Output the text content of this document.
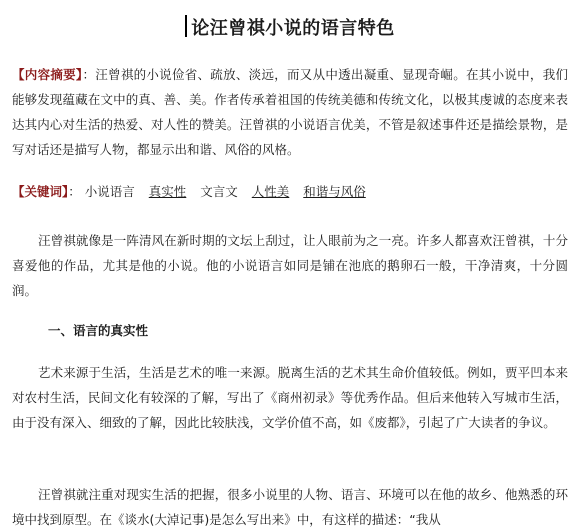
论汪曾祺小说的语言特色

【内容摘要】：汪曾祺的小说俭省、疏放、淡远，而又从中透出凝重、显现奇崛。在其小说中，我们能够发现蕴藏在文中的真、善、美。作者传承着祖国的传统美德和传统文化，以极其虔诚的态度来表达其内心对生活的热爱、对人性的赞美。汪曾祺的小说语言优美，不管是叙述事件还是描绘景物，是写对话还是描写人物，都显示出和谐、风俗的风格。

【关键词】： 小说语言 真实性 文言文 人性美 和谐与风俗

汪曾祺就像是一阵清风在新时期的文坛上刮过，让人眼前为之一亮。许多人都喜欢汪曾祺，十分喜爱他的作品，尤其是他的小说。他的小说语言如同是铺在池底的鹅卵石一般，干净清爽，十分圆润。

一、语言的真实性

艺术来源于生活，生活是艺术的唯一来源。脱离生活的艺术其生命价值较低。例如，贾平凹本来对农村生活，民间文化有较深的了解，写出了《商州初录》等优秀作品。但后来他转入写城市生活，由于没有深入、细致的了解，因此比较肤浅，文学价值不高，如《废都》，引起了广大读者的争议。

汪曾祺就注重对现实生活的把握，很多小说里的人物、语言、环境可以在他的故乡、他熟悉的环境中找到原型。在《谈水(大淖记事)是怎么写出来》中，有这样的描述：“我从
